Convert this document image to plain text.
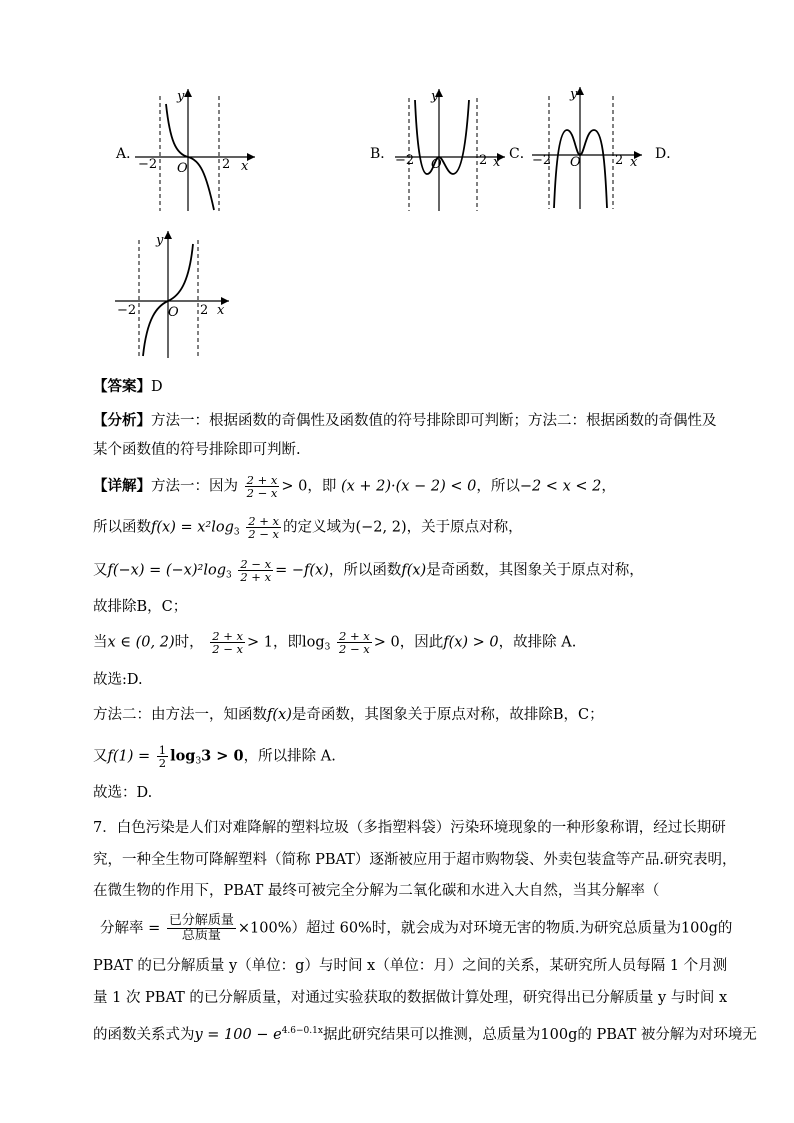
A．
−2	2
O	x
y
B． −2	2
O	x
y
C．
−2	2
O	x
y
D．
−2	2
O	x
y
【答案】D
【分析】方法一：根据函数的奇偶性及函数值的符号排除即可判断；方法二：根据函数的奇偶性及
某个函数值的符号排除即可判断.
【详解】方法一：因为 $\frac{2 + x}{2 - x} > 0$，即 (x + 2)·(x − 2) < 0，所以−2 < x < 2，
所以函数$f(x) = x^2\log_3 \frac{2 + x}{2 - x}$ 的定义域为(−2, 2)，关于原点对称，
又$f(-x) = (-x)^2\log_3 \frac{2 - x}{2 + x} = -f(x)$，所以函数f(x)是奇函数，其图象关于原点对称，
故排除B，C；
当x ∈ (0, 2)时， $\frac{2 + x}{2 - x} > 1$，即$\log_3 \frac{2 + x}{2 - x} > 0$，因此f(x) > 0，故排除 A.
故选:D.
方法二：由方法一，知函数f(x)是奇函数，其图象关于原点对称，故排除B，C；
又$f(1) = \frac{1}{2} \log_33 > 0$，所以排除 A.
故选：D.
7．白色污染是人们对难降解的塑料垃圾（多指塑料袋）污染环境现象的一种形象称谓，经过长期研
究，一种全生物可降解塑料（简称 PBAT）逐渐被应用于超市购物袋、外卖包装盒等产品.研究表明，
在微生物的作用下，PBAT 最终可被完全分解为二氧化碳和水进入大自然，当其分解率（
分解率 = $\frac{\text{已分解质量}}{\text{总质量}} \times 100\%$）超过 60%时，就会成为对环境无害的物质.为研究总质量为100g的
PBAT 的已分解质量 y（单位：g）与时间 x（单位：月）之间的关系，某研究所人员每隔 1 个月测
量 1 次 PBAT 的已分解质量，对通过实验获取的数据做计算处理，研究得出已分解质量 y 与时间 x
的函数关系式为$y = 100 - e^{4.6-0.1x}$据此研究结果可以推测，总质量为100g的 PBAT 被分解为对环境无
